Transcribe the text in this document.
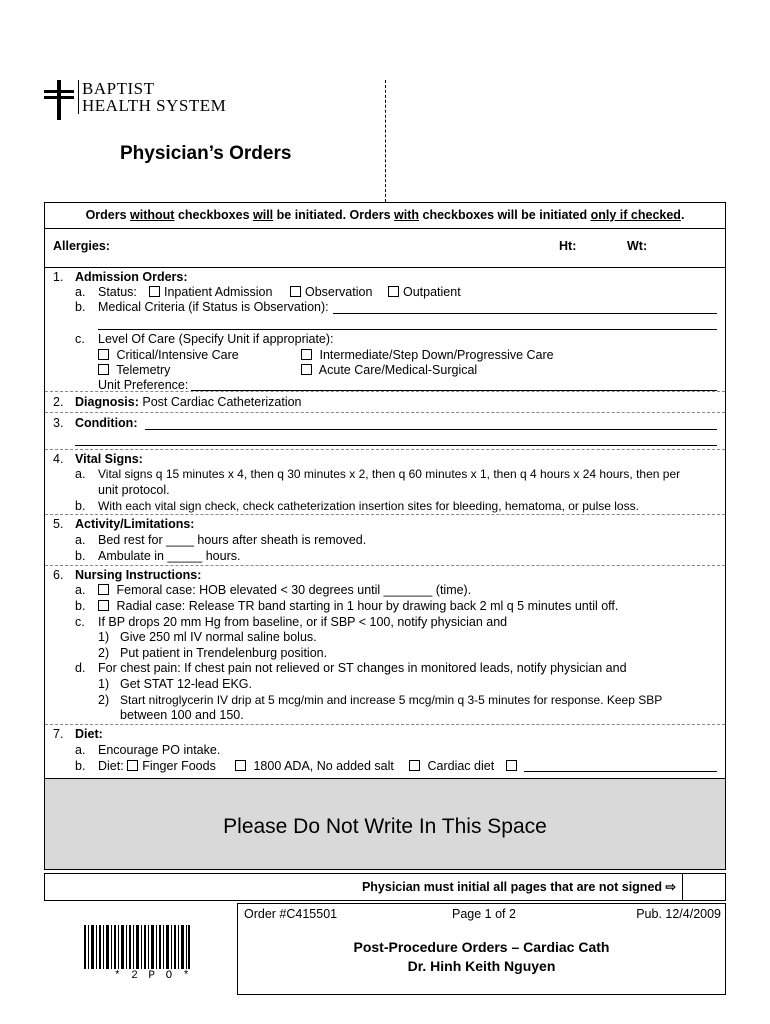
BAPTIST
HEALTH SYSTEM
Physician’s Orders
Orders without checkboxes will be initiated. Orders with checkboxes will be initiated only if checked.
Allergies:	Ht:	Wt:
1. Admission Orders:
a. Status:	Inpatient Admission	Observation	Outpatient
b. Medical Criteria (if Status is Observation):
c. Level Of Care (Specify Unit if appropriate):
Critical/Intensive Care	Intermediate/Step Down/Progressive Care
Telemetry	Acute Care/Medical-Surgical
Unit Preference:
2. Diagnosis: Post Cardiac Catheterization
3. Condition:
4. Vital Signs:
a. Vital signs q 15 minutes x 4, then q 30 minutes x 2, then q 60 minutes x 1, then q 4 hours x 24 hours, then per
unit protocol.
b. With each vital sign check, check catheterization insertion sites for bleeding, hematoma, or pulse loss.
5. Activity/Limitations:
a. Bed rest for ____ hours after sheath is removed.
b. Ambulate in _____ hours.
6. Nursing Instructions:
a.	Femoral case: HOB elevated < 30 degrees until _______ (time).
b.	Radial case: Release TR band starting in 1 hour by drawing back 2 ml q 5 minutes until off.
c. If BP drops 20 mm Hg from baseline, or if SBP < 100, notify physician and
1) Give 250 ml IV normal saline bolus.
2) Put patient in Trendelenburg position.
d. For chest pain: If chest pain not relieved or ST changes in monitored leads, notify physician and
1) Get STAT 12-lead EKG.
2) Start nitroglycerin IV drip at 5 mcg/min and increase 5 mcg/min q 3-5 minutes for response. Keep SBP
between 100 and 150.
7. Diet:
a. Encourage PO intake.
b. Diet: Finger Foods	1800 ADA, No added salt	Cardiac diet
Please Do Not Write In This Space
Physician must initial all pages that are not signed ⇨
* 2 P O *
Order #C415501	Page 1 of 2	Pub. 12/4/2009
Post-Procedure Orders – Cardiac Cath
Dr. Hinh Keith Nguyen
